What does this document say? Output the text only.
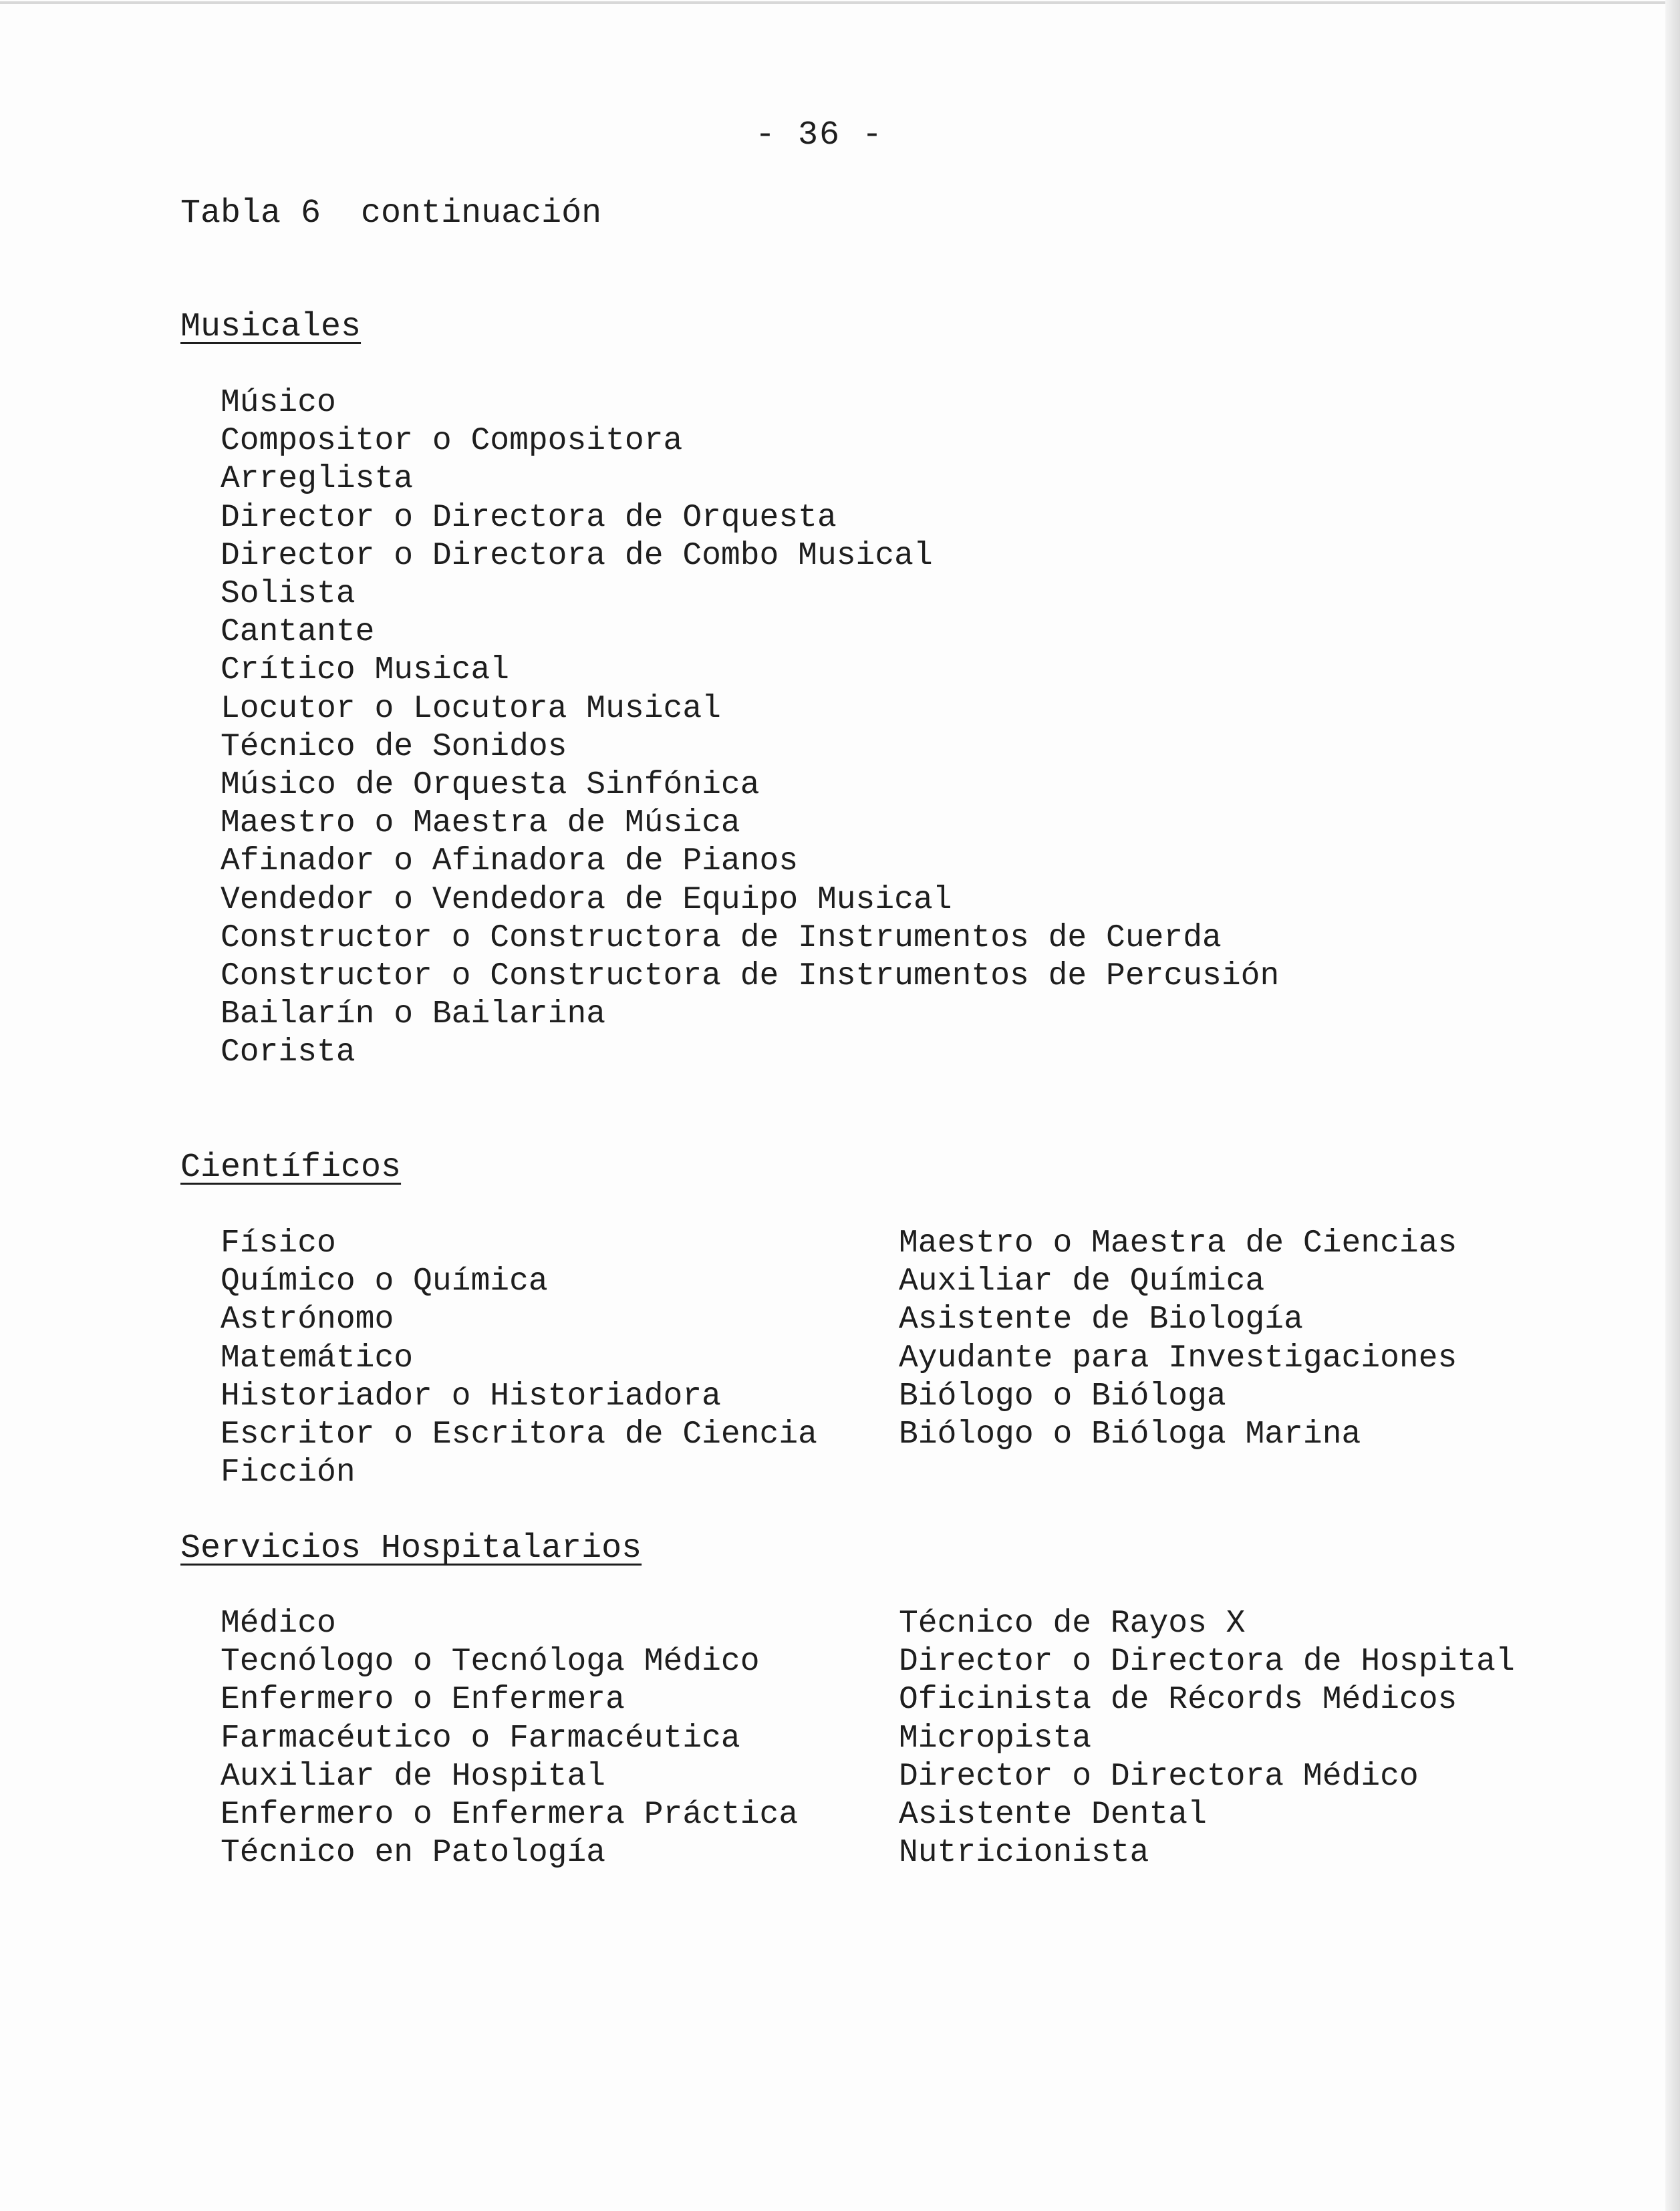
- 36 -
Tabla 6  continuación
Musicales
Músico
Compositor o Compositora
Arreglista
Director o Directora de Orquesta
Director o Directora de Combo Musical
Solista
Cantante
Crítico Musical
Locutor o Locutora Musical
Técnico de Sonidos
Músico de Orquesta Sinfónica
Maestro o Maestra de Música
Afinador o Afinadora de Pianos
Vendedor o Vendedora de Equipo Musical
Constructor o Constructora de Instrumentos de Cuerda
Constructor o Constructora de Instrumentos de Percusión
Bailarín o Bailarina
Corista
Científicos
Físico
Químico o Química
Astrónomo
Matemático
Historiador o Historiadora
Escritor o Escritora de Ciencia
Ficción
Maestro o Maestra de Ciencias
Auxiliar de Química
Asistente de Biología
Ayudante para Investigaciones
Biólogo o Bióloga
Biólogo o Bióloga Marina
Servicios Hospitalarios
Médico
Tecnólogo o Tecnóloga Médico
Enfermero o Enfermera
Farmacéutico o Farmacéutica
Auxiliar de Hospital
Enfermero o Enfermera Práctica
Técnico en Patología
Técnico de Rayos X
Director o Directora de Hospital
Oficinista de Récords Médicos
Micropista
Director o Directora Médico
Asistente Dental
Nutricionista
